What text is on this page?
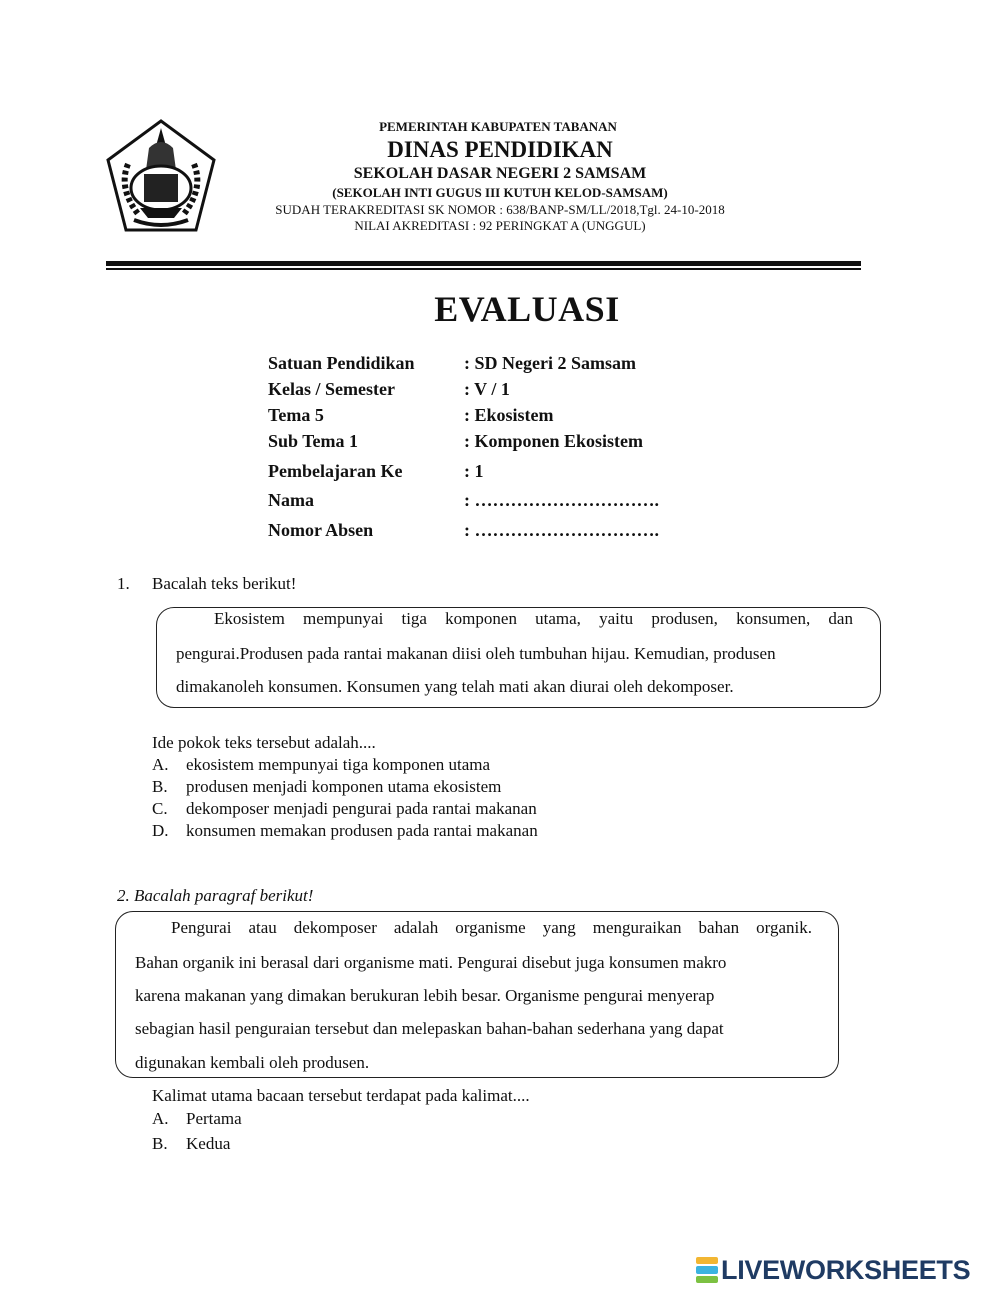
PEMERINTAH KABUPATEN TABANAN
DINAS PENDIDIKAN
SEKOLAH DASAR NEGERI 2 SAMSAM
(SEKOLAH INTI GUGUS III KUTUH KELOD-SAMSAM)
SUDAH TERAKREDITASI SK NOMOR : 638/BANP-SM/LL/2018,Tgl. 24-10-2018
NILAI AKREDITASI : 92 PERINGKAT A (UNGGUL)
EVALUASI
Satuan Pendidikan	: SD Negeri 2 Samsam
Kelas / Semester	: V / 1
Tema 5	: Ekosistem
Sub Tema 1	: Komponen Ekosistem
Pembelajaran Ke	: 1
Nama	: ………………………….
Nomor Absen	: ………………………….
1. Bacalah teks berikut!
Ekosistem mempunyai tiga komponen utama, yaitu produsen, konsumen, dan
pengurai.Produsen pada rantai makanan diisi oleh tumbuhan hijau. Kemudian, produsen
dimakanoleh konsumen. Konsumen yang telah mati akan diurai oleh dekomposer.
Ide pokok teks tersebut adalah....
A. ekosistem mempunyai tiga komponen utama
B. produsen menjadi komponen utama ekosistem
C. dekomposer menjadi pengurai pada rantai makanan
D. konsumen memakan produsen pada rantai makanan
2. Bacalah paragraf berikut!
Pengurai atau dekomposer adalah organisme yang menguraikan bahan organik.
Bahan organik ini berasal dari organisme mati. Pengurai disebut juga konsumen makro
karena makanan yang dimakan berukuran lebih besar. Organisme pengurai menyerap
sebagian hasil penguraian tersebut dan melepaskan bahan-bahan sederhana yang dapat
digunakan kembali oleh produsen.
Kalimat utama bacaan tersebut terdapat pada kalimat....
A. Pertama
B. Kedua
LIVEWORKSHEETS
